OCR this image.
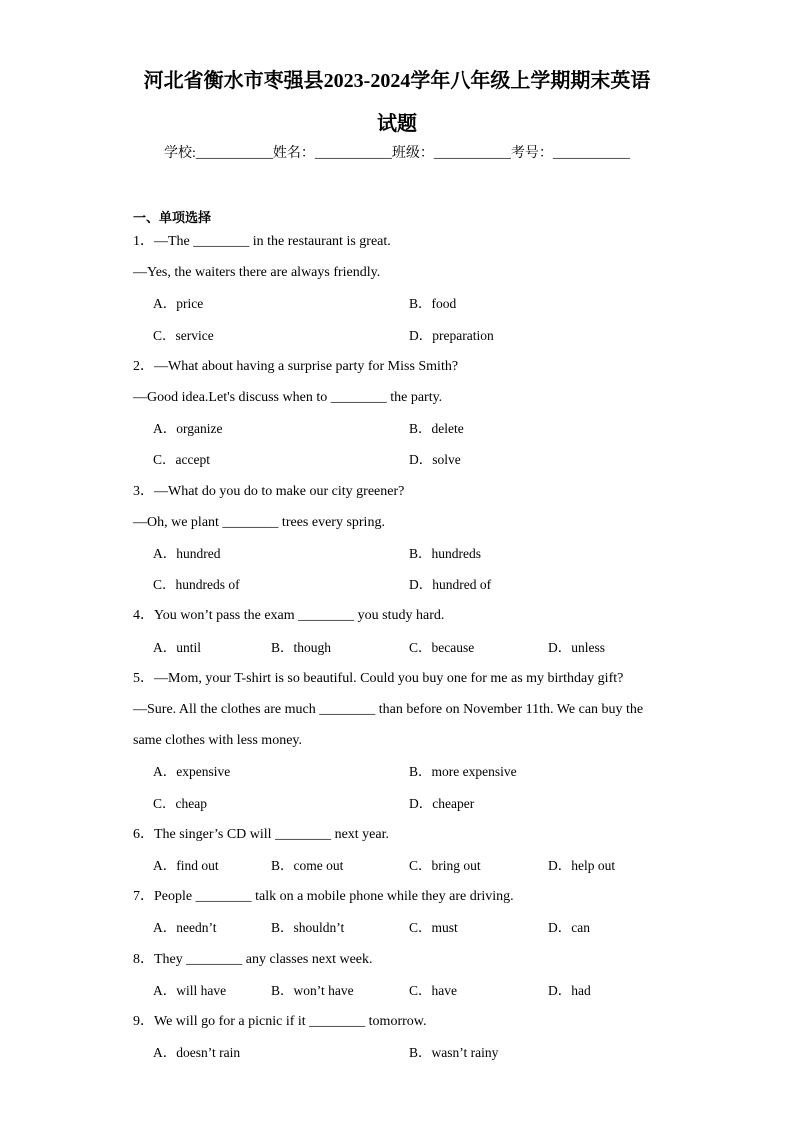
河北省衡水市枣强县2023-2024学年八年级上学期期末英语
试题
学校:___________姓名：___________班级：___________考号：___________
一、单项选择
1．—The ________ in the restaurant is great.
—Yes, the waiters there are always friendly.
A．price	B．food
C．service	D．preparation
2．—What about having a surprise party for Miss Smith?
—Good idea.Let's discuss when to ________ the party.
A．organize	B．delete
C．accept	D．solve
3．—What do you do to make our city greener?
—Oh, we plant ________ trees every spring.
A．hundred	B．hundreds
C．hundreds of	D．hundred of
4．You won’t pass the exam ________ you study hard.
A．until	B．though	C．because	D．unless
5．—Mom, your T-shirt is so beautiful. Could you buy one for me as my birthday gift?
—Sure. All the clothes are much ________ than before on November 11th. We can buy the
same clothes with less money.
A．expensive	B．more expensive
C．cheap	D．cheaper
6．The singer’s CD will ________ next year.
A．find out	B．come out	C．bring out	D．help out
7．People ________ talk on a mobile phone while they are driving.
A．needn’t	B．shouldn’t	C．must	D．can
8．They ________ any classes next week.
A．will have	B．won’t have	C．have	D．had
9．We will go for a picnic if it ________ tomorrow.
A．doesn’t rain	B．wasn’t rainy
